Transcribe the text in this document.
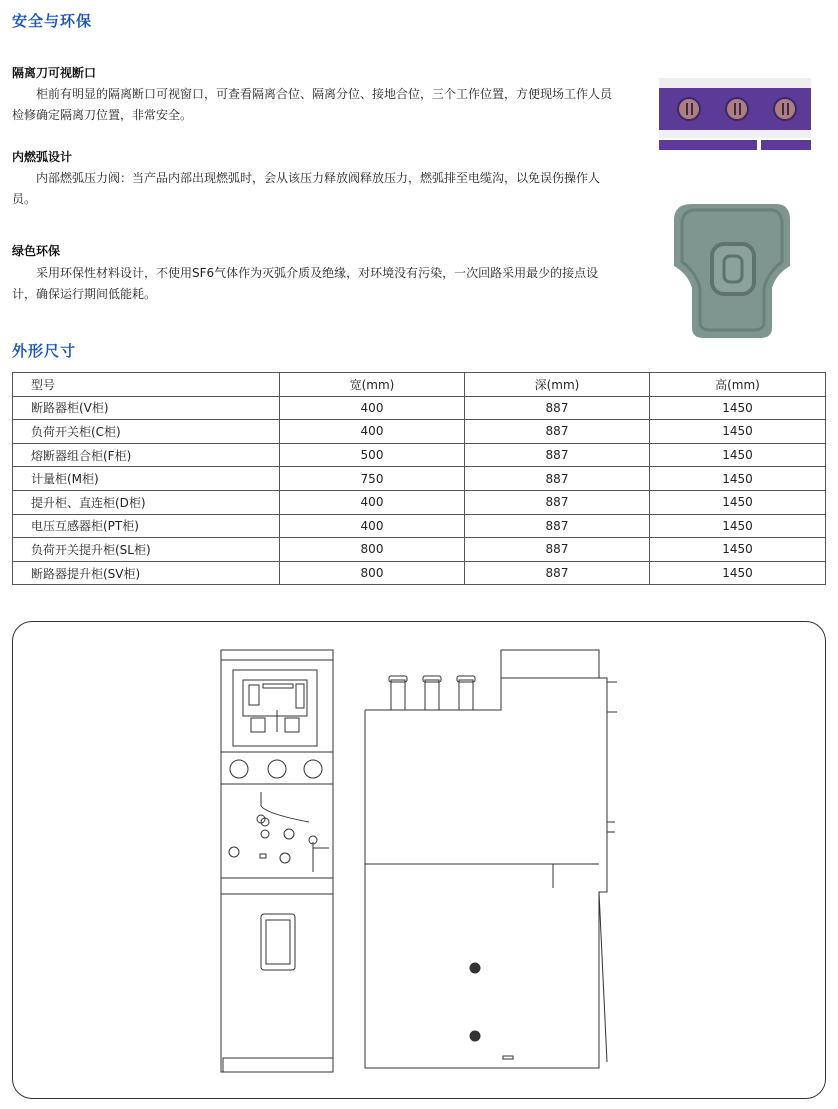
安全与环保
隔离刀可视断口
柜前有明显的隔离断口可视窗口，可查看隔离合位、隔离分位、接地合位，三个工作位置，方便现场工作人员检修确定隔离刀位置，非常安全。
内燃弧设计
内部燃弧压力阀：当产品内部出现燃弧时，会从该压力释放阀释放压力，燃弧排至电缆沟，以免误伤操作人员。
绿色环保
采用环保性材料设计，不使用SF6气体作为灭弧介质及绝缘，对环境没有污染，一次回路采用最少的接点设计，确保运行期间低能耗。
外形尺寸
型号	宽(mm)	深(mm)	高(mm)
断路器柜(V柜)	400	887	1450
负荷开关柜(C柜)	400	887	1450
熔断器组合柜(F柜)	500	887	1450
计量柜(M柜)	750	887	1450
提升柜、直连柜(D柜)	400	887	1450
电压互感器柜(PT柜)	400	887	1450
负荷开关提升柜(SL柜)	800	887	1450
断路器提升柜(SV柜)	800	887	1450
